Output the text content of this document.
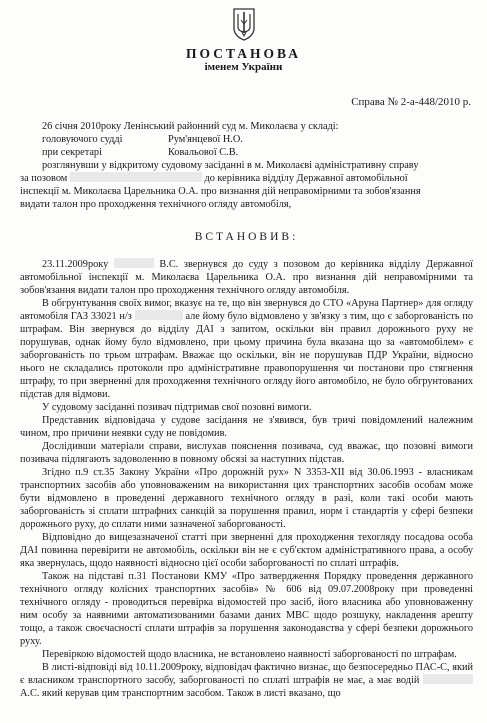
ПОСТАНОВА
іменем України
Справа № 2-а-448/2010 р.

26 січня 2010року Ленінський районний суд м. Миколаєва у складі:

головуючого судді	Рум'янцевої Н.О.
при секретарі	Ковальової С.В.

розглянувши у відкритому судовому засіданні в м. Миколаєві адміністративну справу

за позовом	до керівника відділу Державної автомобільної

інспекції м. Миколаєва Царельника О.А. про визнання дій неправомірними та зобов'язання

видати талон про проходження технічного огляду автомобіля,

ВСТАНОВИВ:

23.11.2009року	В.С. звернувся до суду з позовом до керівника відділу Державної автомобільної інспекції м. Миколаєва Царельника О.А. про визнання дій неправомірними та зобов'язання видати талон про проходження технічного огляду автомобіля.

В обгрунтування своїх вимог, вказує на те, що він звернувся до СТО «Аруна Партнер» для огляду автомобіля ГАЗ 33021 н/з	але йому було відмовлено у зв'язку з тим, що є заборгованість по штрафам. Він звернувся до відділу ДАІ з запитом, оскільки він правил дорожнього руху не порушував, однак йому було відмовлено, при цьому причина була вказана що за «автомобілем» є заборгованість по трьом штрафам. Вважає що оскільки, він не порушував ПДР України, відносно нього не складались протоколи про адміністративне правопорушення чи постанови про стягнення штрафу, то при зверненні для проходження технічного огляду його автомобіло, не було обгрунтованих підстав для відмови.

У судовому засіданні позивач підтримав свої позовні вимоги.

Представник відповідача у судове засідання не з'явився, був тричі повідомлений належним чином, про причини неявки суду не повідомив.

Дослідивши матеріали справи, вислухав пояснення позивача, суд вважає, що позовні вимоги позивача підлягають задоволенню в повному обсязі за наступних підстав.

Згідно п.9 ст.35 Закону України «Про дорожній рух» N 3353-XII від 30.06.1993 - власникам транспортних засобів або уповноваженим на використання цих транспортних засобів особам може бути відмовлено в проведенні державного технічного огляду в разі, коли такі особи мають заборгованість зі сплати штрафних санкцій за порушення правил, норм і стандартів у сфері безпеки дорожнього руху, до сплати ними зазначеної заборгованості.

Відповідно до вищезазначеної статті при зверненні для проходження техогляду посадова особа ДАІ повинна перевірити не автомобіль, оскільки він не є суб'єктом адміністративного права, а особу яка звернулась, щодо наявності відносно цієї особи заборгованості по сплаті штрафів.

Також на підставі п.31 Постанови КМУ «Про затвердження Порядку проведення державного технічного огляду колісних транспортних засобів» № 606 від 09.07.2008року при проведенні технічного огляду - проводиться перевірка відомостей про засіб, його власника або уповноваженну ним особу за наявними автоматизованими базами даних МВС щодо розшуку, накладення арешту тощо, а також своєчасності сплати штрафів за порушення законодавства у сфері безпеки дорожнього руху.

Перевіркою відомостей щодо власника, не встановлено наявності заборгованості по штрафам.

В листі-відповіді від 10.11.2009року, відповідач фактично визнає, що безпосередньо ПАС-С, який є власником транспортного засобу, заборгованості по сплаті штрафів не має, а має водій  А.С. який керував цим транспортним засобом. Також в листі вказано, що
